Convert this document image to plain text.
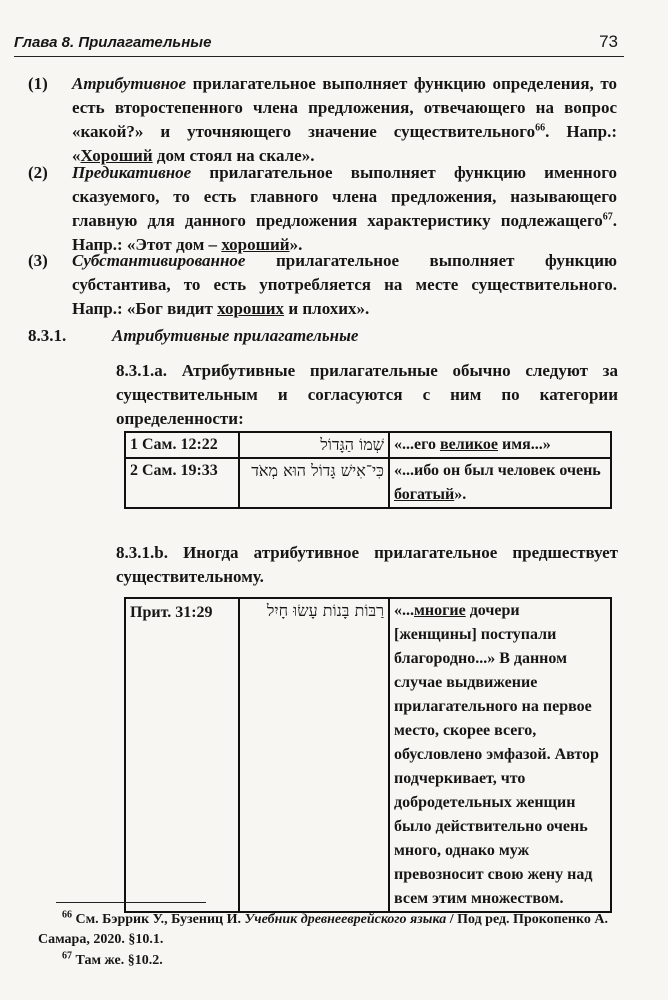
Глава 8. Прилагательные	73
(1) Атрибутивное прилагательное выполняет функцию определения, то есть второстепенного члена предложения, отвечающего на вопрос «какой?» и уточняющего значение существительного$^{66}$. Напр.: «Хороший дом стоял на скале».
(2) Предикативное прилагательное выполняет функцию именного сказуемого, то есть главного члена предложения, называющего главную для данного предложения характеристику подлежащего$^{67}$. Напр.: «Этот дом – хороший».
(3) Субстантивированное прилагательное выполняет функцию субстантива, то есть употребляется на месте существительного. Напр.: «Бог видит хороших и плохих».
8.3.1.	Атрибутивные прилагательные
8.3.1.a. Атрибутивные прилагательные обычно следуют за существительным и согласуются с ним по категории определенности:
1 Сам. 12:22	שְׁמוֹ הַגָּדוֹל	«...его великое имя...»
2 Сам. 19:33	כִּי־אִישׁ גָּדוֹל הוּא מְאֹד	«...ибо он был человек очень богатый».
8.3.1.b. Иногда атрибутивное прилагательное предшествует существительному.
Прит. 31:29	רַבּוֹת בָּנוֹת עָשׂוּ חָיִל	«...многие дочери [женщины] поступали благородно...» В данном случае выдвижение прилагательного на первое место, скорее всего, обусловлено эмфазой. Автор подчеркивает, что добродетельных женщин было действительно очень много, однако муж превозносит свою жену над всем этим множеством.
$^{66}$ См. Бэррик У., Бузениц И. Учебник древнееврейского языка / Под ред. Прокопенко А. Самара, 2020. §10.1.
$^{67}$ Там же. §10.2.
